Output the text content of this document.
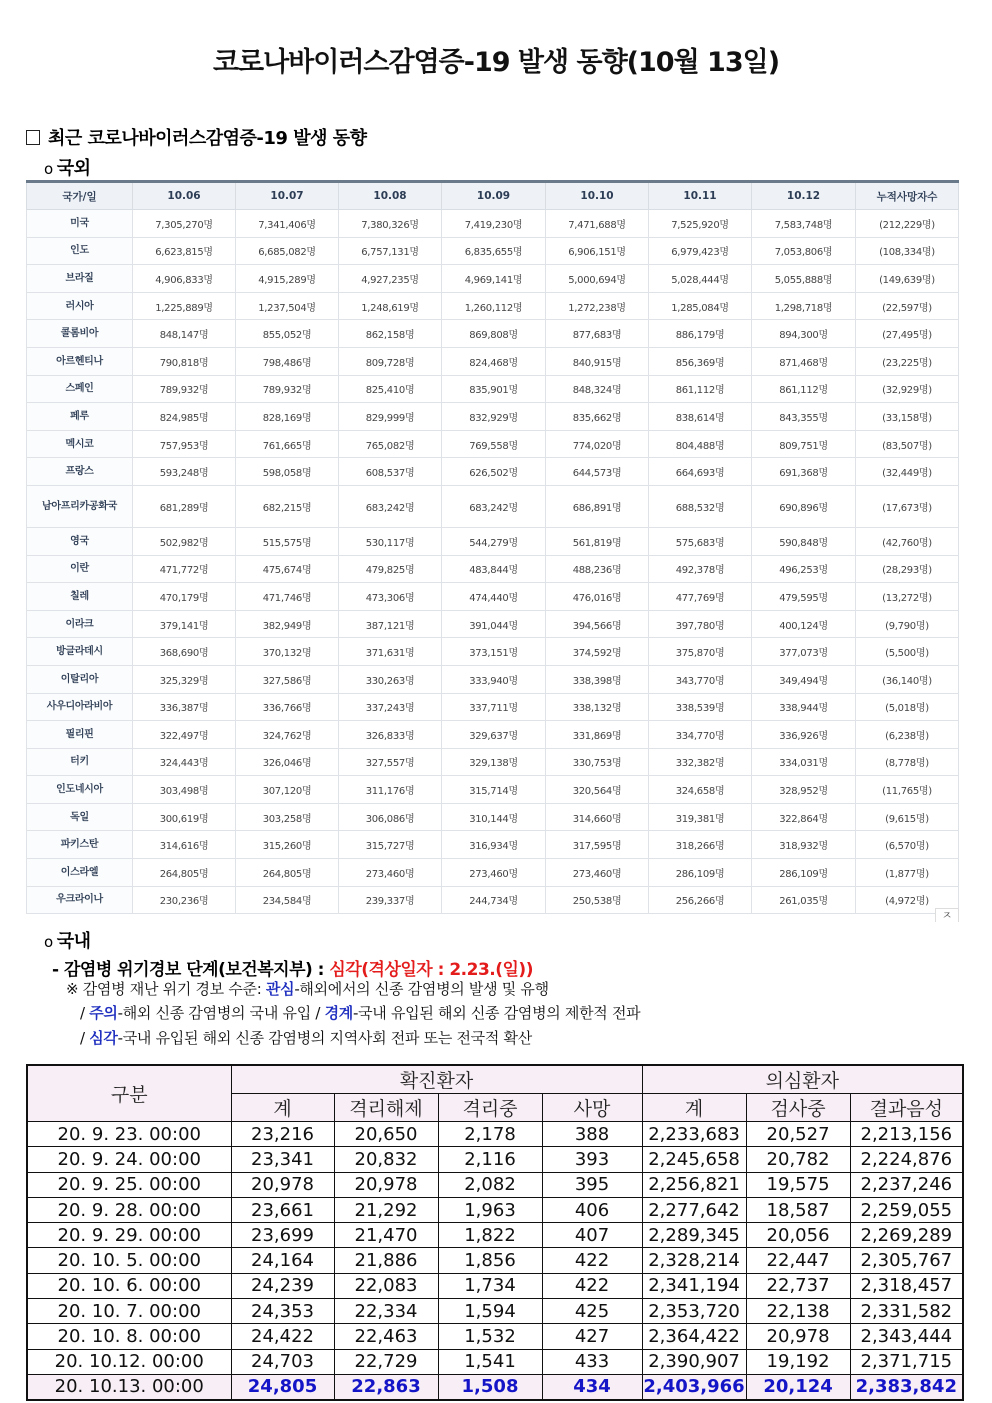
코로나바이러스감염증-19 발생 동향(10월 13일)
최근 코로나바이러스감염증-19 발생 동향
ο 국외
국가/일	10.06	10.07	10.08	10.09	10.10	10.11	10.12	누적사망자수
미국	7,305,270명	7,341,406명	7,380,326명	7,419,230명	7,471,688명	7,525,920명	7,583,748명	(212,229명)
인도	6,623,815명	6,685,082명	6,757,131명	6,835,655명	6,906,151명	6,979,423명	7,053,806명	(108,334명)
브라질	4,906,833명	4,915,289명	4,927,235명	4,969,141명	5,000,694명	5,028,444명	5,055,888명	(149,639명)
러시아	1,225,889명	1,237,504명	1,248,619명	1,260,112명	1,272,238명	1,285,084명	1,298,718명	(22,597명)
콜롬비아	848,147명	855,052명	862,158명	869,808명	877,683명	886,179명	894,300명	(27,495명)
아르헨티나	790,818명	798,486명	809,728명	824,468명	840,915명	856,369명	871,468명	(23,225명)
스페인	789,932명	789,932명	825,410명	835,901명	848,324명	861,112명	861,112명	(32,929명)
페루	824,985명	828,169명	829,999명	832,929명	835,662명	838,614명	843,355명	(33,158명)
멕시코	757,953명	761,665명	765,082명	769,558명	774,020명	804,488명	809,751명	(83,507명)
프랑스	593,248명	598,058명	608,537명	626,502명	644,573명	664,693명	691,368명	(32,449명)
남아프리카공화국	681,289명	682,215명	683,242명	683,242명	686,891명	688,532명	690,896명	(17,673명)
영국	502,982명	515,575명	530,117명	544,279명	561,819명	575,683명	590,848명	(42,760명)
이란	471,772명	475,674명	479,825명	483,844명	488,236명	492,378명	496,253명	(28,293명)
칠레	470,179명	471,746명	473,306명	474,440명	476,016명	477,769명	479,595명	(13,272명)
이라크	379,141명	382,949명	387,121명	391,044명	394,566명	397,780명	400,124명	(9,790명)
방글라데시	368,690명	370,132명	371,631명	373,151명	374,592명	375,870명	377,073명	(5,500명)
이탈리아	325,329명	327,586명	330,263명	333,940명	338,398명	343,770명	349,494명	(36,140명)
사우디아라비아	336,387명	336,766명	337,243명	337,711명	338,132명	338,539명	338,944명	(5,018명)
필리핀	322,497명	324,762명	326,833명	329,637명	331,869명	334,770명	336,926명	(6,238명)
터키	324,443명	326,046명	327,557명	329,138명	330,753명	332,382명	334,031명	(8,778명)
인도네시아	303,498명	307,120명	311,176명	315,714명	320,564명	324,658명	328,952명	(11,765명)
독일	300,619명	303,258명	306,086명	310,144명	314,660명	319,381명	322,864명	(9,615명)
파키스탄	314,616명	315,260명	315,727명	316,934명	317,595명	318,266명	318,932명	(6,570명)
이스라엘	264,805명	264,805명	273,460명	273,460명	273,460명	286,109명	286,109명	(1,877명)
우크라이나	230,236명	234,584명	239,337명	244,734명	250,538명	256,266명	261,035명	(4,972명)
ㅈ
ο 국내
- 감염병 위기경보 단계(보건복지부) : 심각(격상일자 : 2.23.(일))
※ 감염병 재난 위기 경보 수준: 관심-해외에서의 신종 감염병의 발생 및 유행
/ 주의-해외 신종 감염병의 국내 유입 / 경계-국내 유입된 해외 신종 감염병의 제한적 전파
/ 심각-국내 유입된 해외 신종 감염병의 지역사회 전파 또는 전국적 확산
구분	확진환자				의심환자		
	계	격리해제	격리중	사망	계	검사중	결과음성
20. 9. 23. 00:00	23,216	20,650	2,178	388	2,233,683	20,527	2,213,156
20. 9. 24. 00:00	23,341	20,832	2,116	393	2,245,658	20,782	2,224,876
20. 9. 25. 00:00	20,978	20,978	2,082	395	2,256,821	19,575	2,237,246
20. 9. 28. 00:00	23,661	21,292	1,963	406	2,277,642	18,587	2,259,055
20. 9. 29. 00:00	23,699	21,470	1,822	407	2,289,345	20,056	2,269,289
20. 10. 5. 00:00	24,164	21,886	1,856	422	2,328,214	22,447	2,305,767
20. 10. 6. 00:00	24,239	22,083	1,734	422	2,341,194	22,737	2,318,457
20. 10. 7. 00:00	24,353	22,334	1,594	425	2,353,720	22,138	2,331,582
20. 10. 8. 00:00	24,422	22,463	1,532	427	2,364,422	20,978	2,343,444
20. 10.12. 00:00	24,703	22,729	1,541	433	2,390,907	19,192	2,371,715
20. 10.13. 00:00	24,805	22,863	1,508	434	2,403,966	20,124	2,383,842
